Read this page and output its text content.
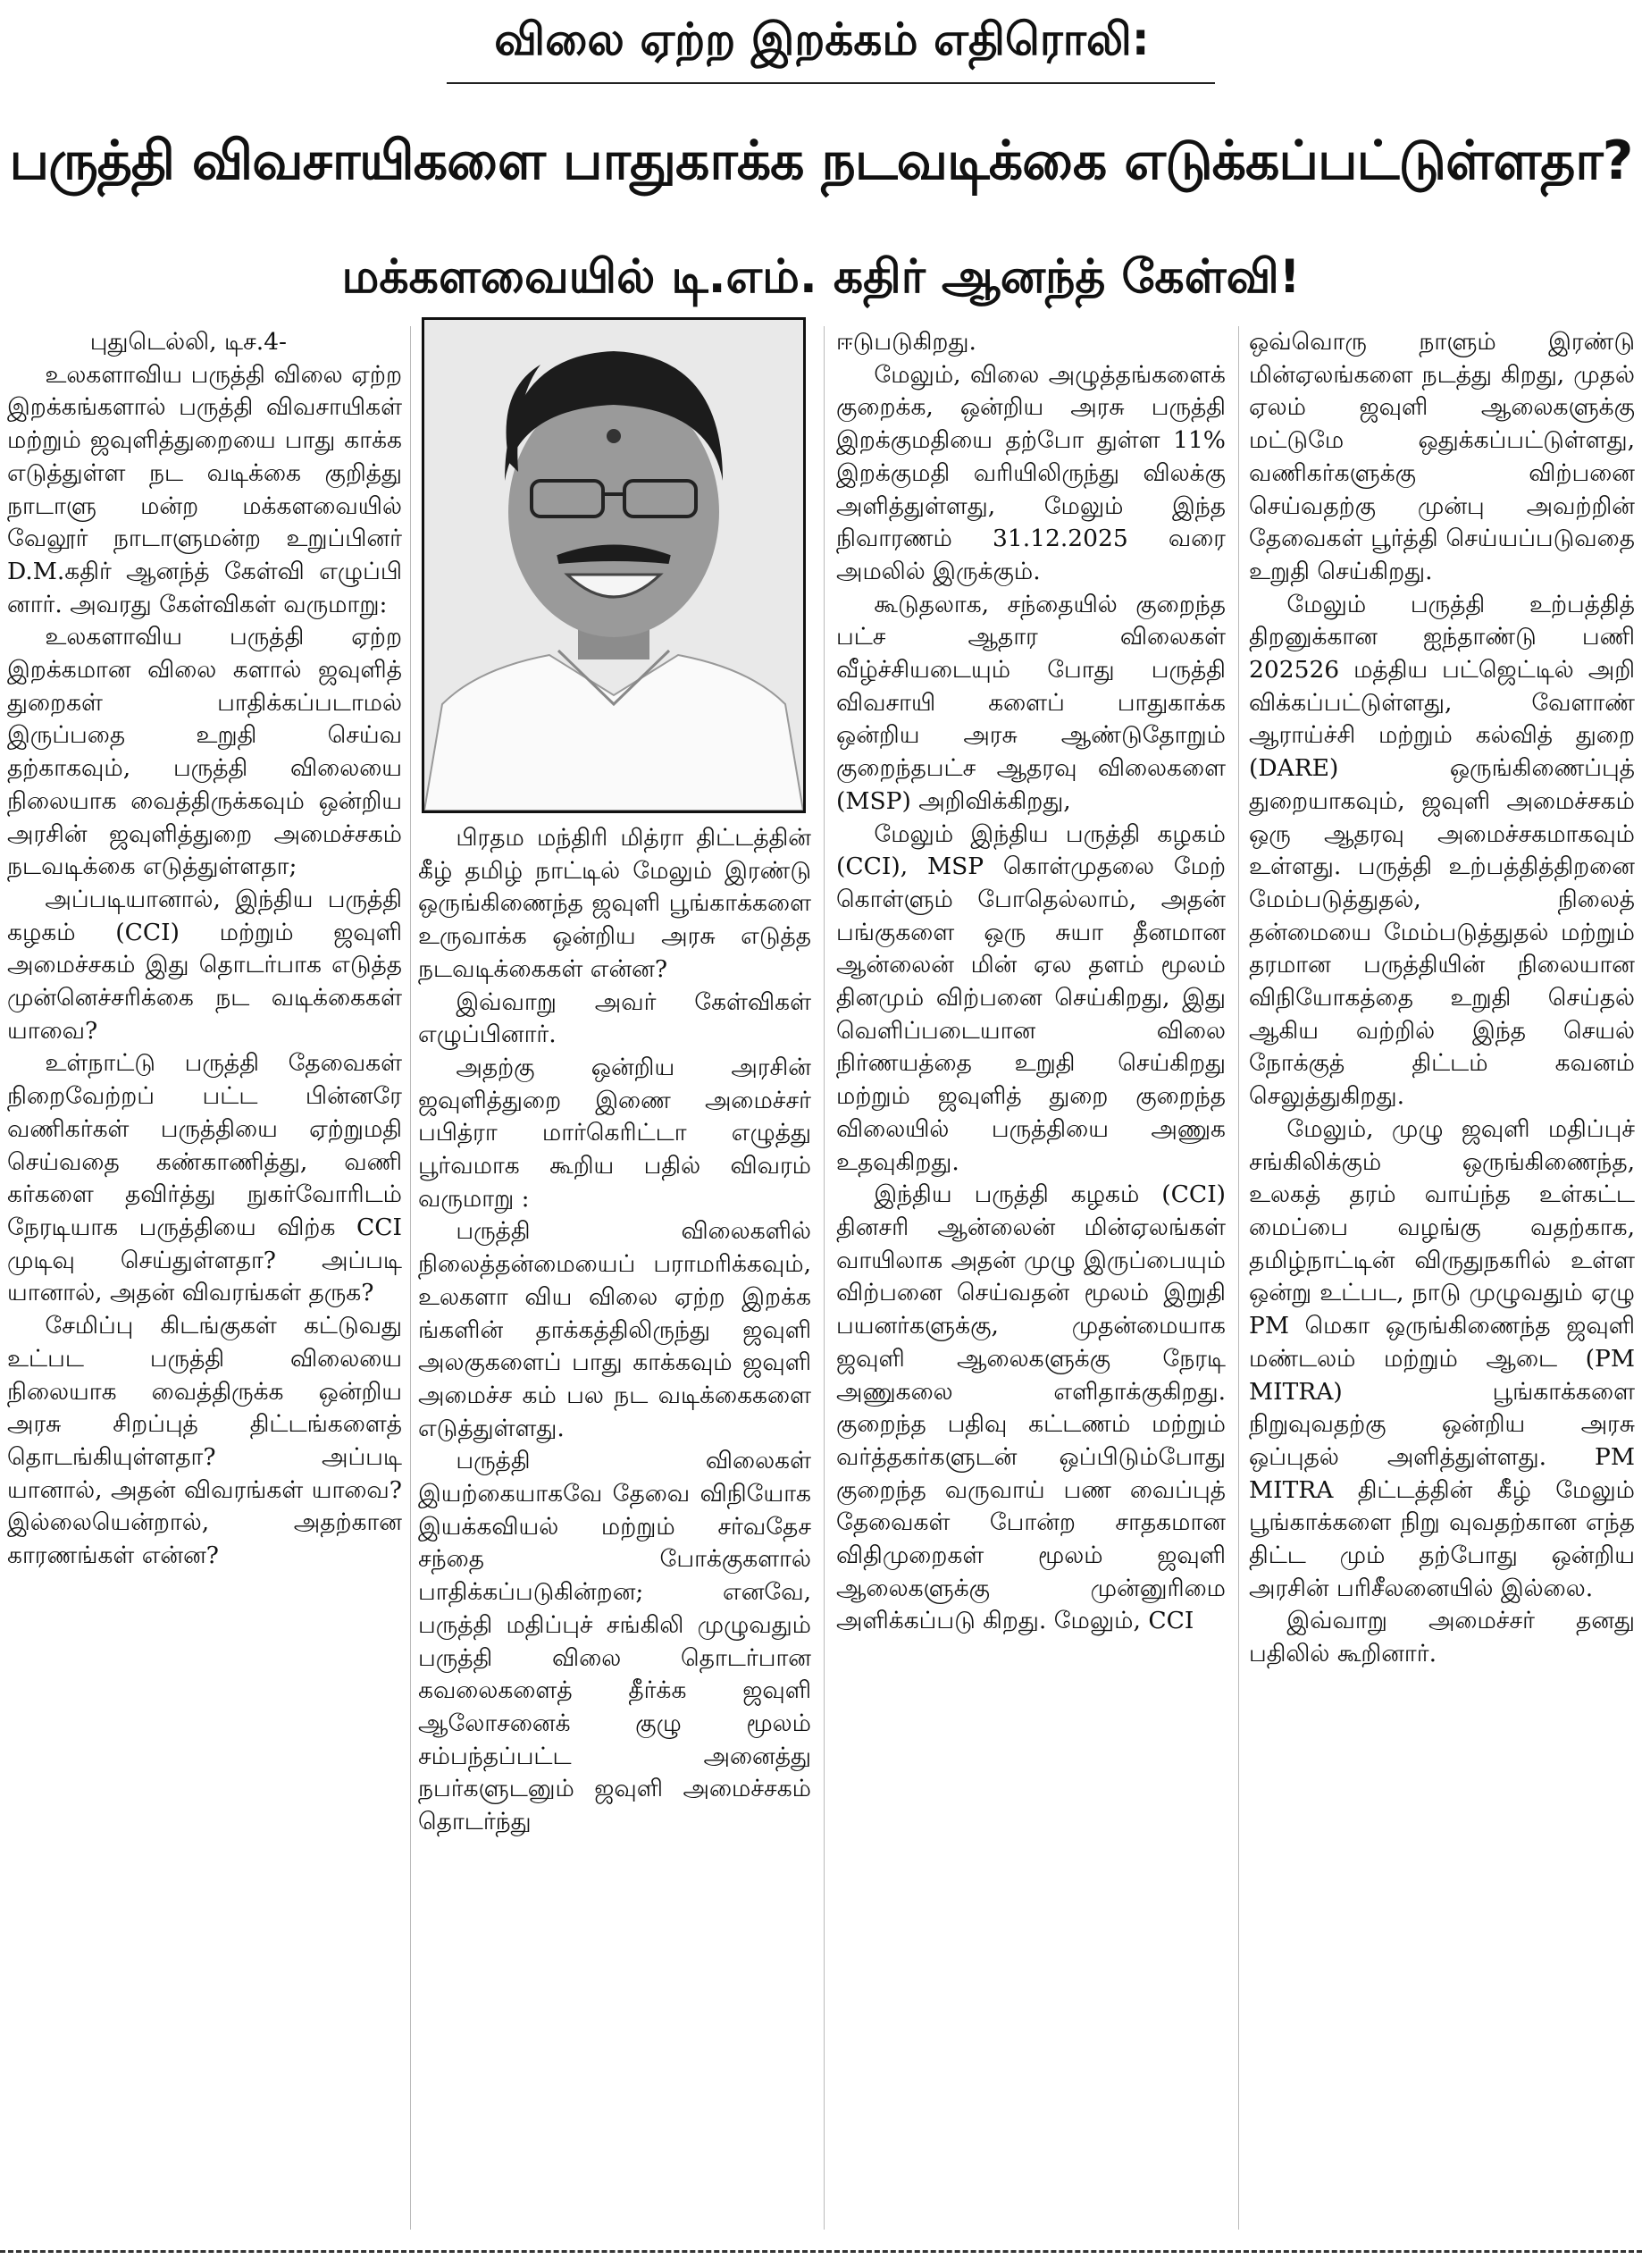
விலை ஏற்ற இறக்கம் எதிரொலி:
பருத்தி விவசாயிகளை பாதுகாக்க நடவடிக்கை எடுக்கப்பட்டுள்ளதா?
மக்களவையில் டி.எம். கதிர் ஆனந்த் கேள்வி!

புதுடெல்லி, டிச.4-

உலகளாவிய பருத்தி விலை ஏற்ற இறக்கங்களால் பருத்தி விவசாயிகள் மற்றும் ஜவுளித்துறையை பாது காக்க எடுத்துள்ள நட வடிக்கை குறித்து நாடாளு மன்ற மக்களவையில் வேலூர் நாடாளுமன்ற உறுப்பினர் D.M.கதிர் ஆனந்த் கேள்வி எழுப்பி னார். அவரது கேள்விகள் வருமாறு:

உலகளாவிய பருத்தி ஏற்ற இறக்கமான விலை களால் ஜவுளித் துறைகள் பாதிக்கப்படாமல் இருப்பதை உறுதி செய்வ தற்காகவும், பருத்தி விலையை நிலையாக வைத்திருக்கவும் ஒன்றிய அரசின் ஜவுளித்துறை அமைச்சகம் நடவடிக்கை எடுத்துள்ளதா;

அப்படியானால், இந்திய பருத்தி கழகம் (CCI) மற்றும் ஜவுளி அமைச்சகம் இது தொடர்பாக எடுத்த முன்னெச்சரிக்கை நட வடிக்கைகள் யாவை?

உள்நாட்டு பருத்தி தேவைகள் நிறைவேற்றப் பட்ட பின்னரே வணிகர்கள் பருத்தியை ஏற்றுமதி செய்வதை கண்காணித்து, வணி கர்களை தவிர்த்து நுகர்வோரிடம் நேரடியாக பருத்தியை விற்க CCI முடிவு செய்துள்ளதா? அப்படி யானால், அதன் விவரங்கள் தருக?

சேமிப்பு கிடங்குகள் கட்டுவது உட்பட பருத்தி விலையை நிலையாக வைத்திருக்க ஒன்றிய அரசு சிறப்புத் திட்டங்களைத் தொடங்கியுள்ளதா? அப்படி யானால், அதன் விவரங்கள் யாவை? இல்லையென்றால், அதற்கான காரணங்கள் என்ன?

பிரதம மந்திரி மித்ரா திட்டத்தின் கீழ் தமிழ் நாட்டில் மேலும் இரண்டு ஒருங்கிணைந்த ஜவுளி பூங்காக்களை உருவாக்க ஒன்றிய அரசு எடுத்த நடவடிக்கைகள் என்ன?

இவ்வாறு அவர் கேள்விகள் எழுப்பினார்.

அதற்கு ஒன்றிய அரசின் ஜவுளித்துறை இணை அமைச்சர் பபித்ரா மார்கெரிட்டா எழுத்து பூர்வமாக கூறிய பதில் விவரம் வருமாறு :

பருத்தி விலைகளில் நிலைத்தன்மையைப் பராமரிக்கவும், உலகளா விய விலை ஏற்ற இறக்க ங்களின் தாக்கத்திலிருந்து ஜவுளி அலகுகளைப் பாது காக்கவும் ஜவுளி அமைச்ச கம் பல நட வடிக்கைகளை எடுத்துள்ளது.

பருத்தி விலைகள் இயற்கையாகவே தேவை விநியோக இயக்கவியல் மற்றும் சர்வதேச சந்தை போக்குகளால் பாதிக்கப்படுகின்றன; எனவே, பருத்தி மதிப்புச் சங்கிலி முழுவதும் பருத்தி விலை தொடர்பான கவலைகளைத் தீர்க்க ஜவுளி ஆலோசனைக் குழு மூலம் சம்பந்தப்பட்ட அனைத்து நபர்களுடனும் ஜவுளி அமைச்சகம் தொடர்ந்து

ஈடுபடுகிறது.

மேலும், விலை அழுத்தங்களைக் குறைக்க, ஒன்றிய அரசு பருத்தி இறக்குமதியை தற்போ துள்ள 11% இறக்குமதி வரியிலிருந்து விலக்கு அளித்துள்ளது, மேலும் இந்த நிவாரணம் 31.12.2025 வரை அமலில் இருக்கும்.

கூடுதலாக, சந்தையில் குறைந்த பட்ச ஆதார விலைகள் வீழ்ச்சியடையும் போது பருத்தி விவசாயி களைப் பாதுகாக்க ஒன்றிய அரசு ஆண்டுதோறும் குறைந்தபட்ச ஆதரவு விலைகளை (MSP) அறிவிக்கிறது,

மேலும் இந்திய பருத்தி கழகம் (CCI), MSP கொள்முதலை மேற் கொள்ளும் போதெல்லாம், அதன் பங்குகளை ஒரு சுயா தீனமான ஆன்லைன் மின் ஏல தளம் மூலம் தினமும் விற்பனை செய்கிறது, இது வெளிப்படையான விலை நிர்ணயத்தை உறுதி செய்கிறது மற்றும் ஜவுளித் துறை குறைந்த விலையில் பருத்தியை அணுக உதவுகிறது.

இந்திய பருத்தி கழகம் (CCI) தினசரி ஆன்லைன் மின்ஏலங்கள் வாயிலாக அதன் முழு இருப்பையும் விற்பனை செய்வதன் மூலம் இறுதி பயனர்களுக்கு, முதன்மையாக ஜவுளி ஆலைகளுக்கு நேரடி அணுகலை எளிதாக்குகிறது. குறைந்த பதிவு கட்டணம் மற்றும் வர்த்தகர்களுடன் ஒப்பிடும்போது குறைந்த வருவாய் பண வைப்புத் தேவைகள் போன்ற சாதகமான விதிமுறைகள் மூலம் ஜவுளி ஆலைகளுக்கு முன்னுரிமை அளிக்கப்படு கிறது. மேலும், CCI

ஒவ்வொரு நாளும் இரண்டு மின்ஏலங்களை நடத்து கிறது, முதல் ஏலம் ஜவுளி ஆலைகளுக்கு மட்டுமே ஒதுக்கப்பட்டுள்ளது, வணிகர்களுக்கு விற்பனை செய்வதற்கு முன்பு அவற்றின் தேவைகள் பூர்த்தி செய்யப்படுவதை உறுதி செய்கிறது.

மேலும் பருத்தி உற்பத்தித் திறனுக்கான ஐந்தாண்டு பணி 202526 மத்திய பட்ஜெட்டில் அறி விக்கப்பட்டுள்ளது, வேளாண் ஆராய்ச்சி மற்றும் கல்வித் துறை (DARE) ஒருங்கிணைப்புத் துறையாகவும், ஜவுளி அமைச்சகம் ஒரு ஆதரவு அமைச்சகமாகவும் உள்ளது. பருத்தி உற்பத்தித்திறனை மேம்படுத்துதல், நிலைத் தன்மையை மேம்படுத்துதல் மற்றும் தரமான பருத்தியின் நிலையான விநியோகத்தை உறுதி செய்தல் ஆகிய வற்றில் இந்த செயல் நோக்குத் திட்டம் கவனம் செலுத்துகிறது.

மேலும், முழு ஜவுளி மதிப்புச் சங்கிலிக்கும் ஒருங்கிணைந்த, உலகத் தரம் வாய்ந்த உள்கட்ட மைப்பை வழங்கு வதற்காக, தமிழ்நாட்டின் விருதுநகரில் உள்ள ஒன்று உட்பட, நாடு முழுவதும் ஏழு PM மெகா ஒருங்கிணைந்த ஜவுளி மண்டலம் மற்றும் ஆடை (PM MITRA) பூங்காக்களை நிறுவுவதற்கு ஒன்றிய அரசு ஒப்புதல் அளித்துள்ளது. PM MITRA திட்டத்தின் கீழ் மேலும் பூங்காக்களை நிறு வுவதற்கான எந்த திட்ட மும் தற்போது ஒன்றிய அரசின் பரிசீலனையில் இல்லை.

இவ்வாறு அமைச்சர் தனது பதிலில் கூறினார்.
